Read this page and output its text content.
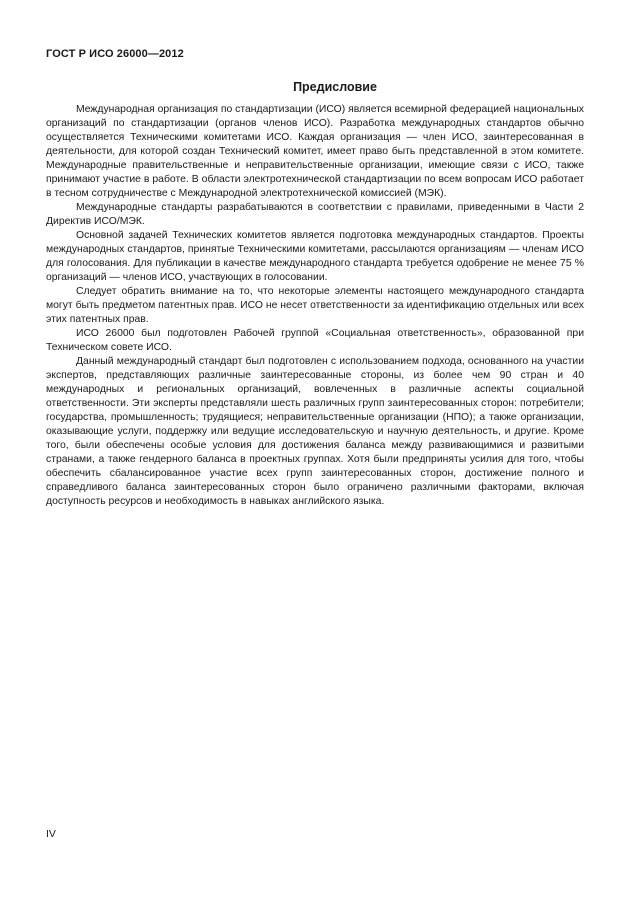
ГОСТ Р ИСО 26000—2012
Предисловие

Международная организация по стандартизации (ИСО) является всемирной федерацией национальных организаций по стандартизации (органов членов ИСО). Разработка международных стандартов обычно осуществляется Техническими комитетами ИСО. Каждая организация — член ИСО, заинтересованная в деятельности, для которой создан Технический комитет, имеет право быть представленной в этом комитете. Международные правительственные и неправительственные организации, имеющие связи с ИСО, также принимают участие в работе. В области электротехнической стандартизации по всем вопросам ИСО работает в тесном сотрудничестве с Международной электротехнической комиссией (МЭК).

Международные стандарты разрабатываются в соответствии с правилами, приведенными в Части 2 Директив ИСО/МЭК.

Основной задачей Технических комитетов является подготовка международных стандартов. Проекты международных стандартов, принятые Техническими комитетами, рассылаются организациям — членам ИСО для голосования. Для публикации в качестве международного стандарта требуется одобрение не менее 75 % организаций — членов ИСО, участвующих в голосовании.

Следует обратить внимание на то, что некоторые элементы настоящего международного стандарта могут быть предметом патентных прав. ИСО не несет ответственности за идентификацию отдельных или всех этих патентных прав.

ИСО 26000 был подготовлен Рабочей группой «Социальная ответственность», образованной при Техническом совете ИСО.

Данный международный стандарт был подготовлен с использованием подхода, основанного на участии экспертов, представляющих различные заинтересованные стороны, из более чем 90 стран и 40 международных и региональных организаций, вовлеченных в различные аспекты социальной ответственности. Эти эксперты представляли шесть различных групп заинтересованных сторон: потребители; государства, промышленность; трудящиеся; неправительственные организации (НПО); а также организации, оказывающие услуги, поддержку или ведущие исследовательскую и научную деятельность, и другие. Кроме того, были обеспечены особые условия для достижения баланса между развивающимися и развитыми странами, а также гендерного баланса в проектных группах. Хотя были предприняты усилия для того, чтобы обеспечить сбалансированное участие всех групп заинтересованных сторон, достижение полного и справедливого баланса заинтересованных сторон было ограничено различными факторами, включая доступность ресурсов и необходимость в навыках английского языка.

IV
